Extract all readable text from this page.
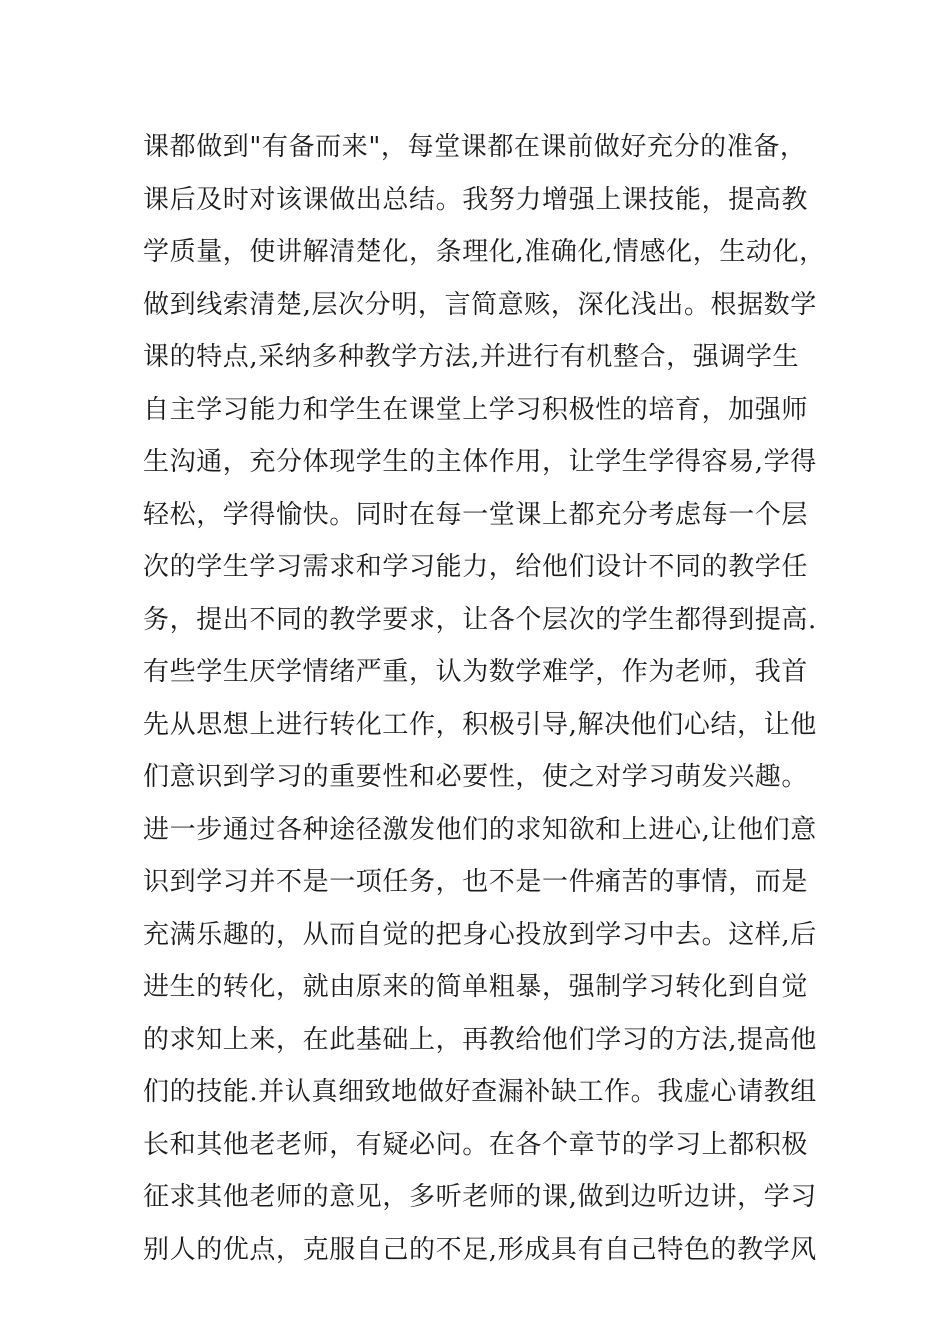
课都做到"有备而来"，每堂课都在课前做好充分的准备，
课后及时对该课做出总结。我努力增强上课技能，提高教
学质量，使讲解清楚化，条理化,准确化,情感化，生动化，
做到线索清楚,层次分明，言简意赅，深化浅出。根据数学
课的特点,采纳多种教学方法,并进行有机整合，强调学生
自主学习能力和学生在课堂上学习积极性的培育，加强师
生沟通，充分体现学生的主体作用，让学生学得容易,学得
轻松，学得愉快。同时在每一堂课上都充分考虑每一个层
次的学生学习需求和学习能力，给他们设计不同的教学任
务，提出不同的教学要求，让各个层次的学生都得到提高.
有些学生厌学情绪严重，认为数学难学，作为老师，我首
先从思想上进行转化工作，积极引导,解决他们心结，让他
们意识到学习的重要性和必要性，使之对学习萌发兴趣。
进一步通过各种途径激发他们的求知欲和上进心,让他们意
识到学习并不是一项任务，也不是一件痛苦的事情，而是
充满乐趣的，从而自觉的把身心投放到学习中去。这样,后
进生的转化，就由原来的简单粗暴，强制学习转化到自觉
的求知上来，在此基础上，再教给他们学习的方法,提高他
们的技能.并认真细致地做好查漏补缺工作。我虚心请教组
长和其他老老师，有疑必问。在各个章节的学习上都积极
征求其他老师的意见，多听老师的课,做到边听边讲，学习
别人的优点，克服自己的不足,形成具有自己特色的教学风
